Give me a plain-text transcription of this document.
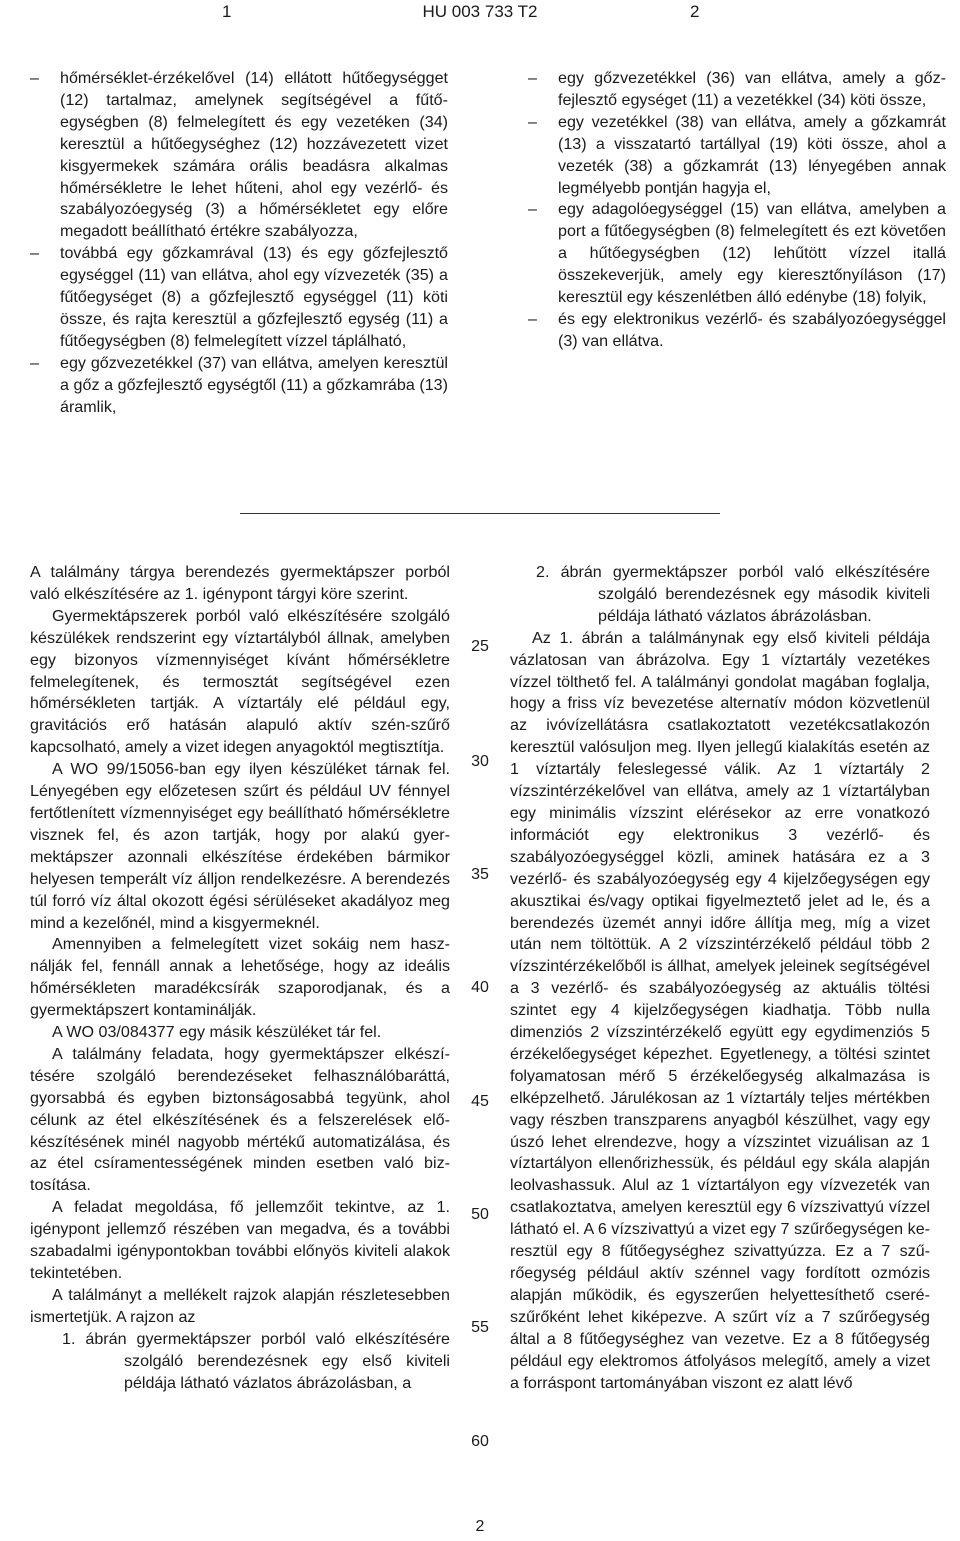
1	HU 003 733 T2	2

– hőmérséklet-érzékelővel (14) ellátott hűtőegységget (12) tartalmaz, amelynek segítségével a fűtőegységben (8) felmelegített és egy vezetéken (34) keresztül a hűtőegységhez (12) hozzávezetett vizet kisgyermekek számára orális beadásra alkalmas hőmérsékletre le lehet hűteni, ahol egy vezérlő- és szabályozóegység (3) a hőmérsékletet egy előre megadott beállítható értékre szabályozza,

– továbbá egy gőzkamrával (13) és egy gőzfejlesztő egységgel (11) van ellátva, ahol egy vízvezeték (35) a fűtőegységet (8) a gőzfejlesztő egységgel (11) köti össze, és rajta keresztül a gőzfejlesztő egység (11) a fűtőegységben (8) felmelegített vízzel táplálható,

– egy gőzvezetékkel (37) van ellátva, amelyen keresztül a gőz a gőzfejlesztő egységtől (11) a gőzkamrába (13) áramlik,

– egy gőzvezetékkel (36) van ellátva, amely a gőzfejlesztő egységet (11) a vezetékkel (34) köti össze,

– egy vezetékkel (38) van ellátva, amely a gőzkamrát (13) a visszatartó tartállyal (19) köti össze, ahol a vezeték (38) a gőzkamrát (13) lényegében annak legmélyebb pontján hagyja el,

– egy adagolóegységgel (15) van ellátva, amelyben a port a fűtőegységben (8) felmelegített és ezt követően a hűtőegységben (12) lehűtött vízzel itallá összekeverjük, amely egy kieresztőnyíláson (17) keresztül egy készenlétben álló edénybe (18) folyik,

– és egy elektronikus vezérlő- és szabályozóegységgel (3) van ellátva.

A találmány tárgya berendezés gyermektápszer porból való elkészítésére az 1. igénypont tárgyi köre szerint.

Gyermektápszerek porból való elkészítésére szolgáló készülékek rendszerint egy víztartályból állnak, amelyben egy bizonyos vízmennyiséget kívánt hőmérsékletre felmelegítenek, és termosztát segítségével ezen hőmérsékleten tartják. A víztartály elé például egy, gravitációs erő hatásán alapuló aktív szén-szűrő kapcsolható, amely a vizet idegen anyagoktól megtisztítja.

A WO 99/15056-ban egy ilyen készüléket tárnak fel. Lényegében egy előzetesen szűrt és például UV fénnyel fertőtlenített vízmennyiséget egy beállítható hőmérsékletre visznek fel, és azon tartják, hogy por alakú gyermektápszer azonnali elkészítése érdekében bármikor helyesen temperált víz álljon rendelkezésre. A berendezés túl forró víz által okozott égési sérüléseket akadályoz meg mind a kezelőnél, mind a kisgyermeknél.

Amennyiben a felmelegített vizet sokáig nem használják fel, fennáll annak a lehetősége, hogy az ideális hőmérsékleten maradékcsírák szaporodjanak, és a gyermektápszert kontaminálják.

A WO 03/084377 egy másik készüléket tár fel.

A találmány feladata, hogy gyermektápszer elkészítésére szolgáló berendezéseket felhasználóbaráttá, gyorsabbá és egyben biztonságosabbá tegyünk, ahol célunk az étel elkészítésének és a felszerelések előkészítésének minél nagyobb mértékű automatizálása, és az étel csíramentességének minden esetben való biztosítása.

A feladat megoldása, fő jellemzőit tekintve, az 1. igénypont jellemző részében van megadva, és a további szabadalmi igénypontokban további előnyös kiviteli alakok tekintetében.

A találmányt a mellékelt rajzok alapján részletesebben ismertetjük. A rajzon az

1. ábrán gyermektápszer porból való elkészítésére szolgáló berendezésnek egy első kiviteli példája látható vázlatos ábrázolásban, a

25
30
35
40
45
50
55
60

2. ábrán gyermektápszer porból való elkészítésére szolgáló berendezésnek egy második kiviteli példája látható vázlatos ábrázolásban.

Az 1. ábrán a találmánynak egy első kiviteli példája vázlatosan van ábrázolva. Egy 1 víztartály vezetékes vízzel tölthető fel. A találmányi gondolat magában foglalja, hogy a friss víz bevezetése alternatív módon közvetlenül az ivóvízellátásra csatlakoztatott vezetékcsatlakozón keresztül valósuljon meg. Ilyen jellegű kialakítás esetén az 1 víztartály feleslegessé válik. Az 1 víztartály 2 vízszintérzékelővel van ellátva, amely az 1 víztartályban egy minimális vízszint elérésekor az erre vonatkozó információt egy elektronikus 3 vezérlő- és szabályozóegységgel közli, aminek hatására ez a 3 vezérlő- és szabályozóegység egy 4 kijelzőegységen egy akusztikai és/vagy optikai figyelmeztető jelet ad le, és a berendezés üzemét annyi időre állítja meg, míg a vizet után nem töltöttük. A 2 vízszintérzékelő például több 2 vízszintérzékelőből is állhat, amelyek jeleinek segítségével a 3 vezérlő- és szabályozóegység az aktuális töltési szintet egy 4 kijelzőegységen kiadhatja. Több nulla dimenziós 2 vízszintérzékelő együtt egy egydimenziós 5 érzékelőegységet képezhet. Egyetlenegy, a töltési szintet folyamatosan mérő 5 érzékelőegység alkalmazása is elképzelhető. Járulékosan az 1 víztartály teljes mértékben vagy részben transzparens anyagból készülhet, vagy egy úszó lehet elrendezve, hogy a vízszintet vizuálisan az 1 víztartályon ellenőrizhessük, és például egy skála alapján leolvashassuk. Alul az 1 víztartályon egy vízvezeték van csatlakoztatva, amelyen keresztül egy 6 vízszivattyú vízzel látható el. A 6 vízszivattyú a vizet egy 7 szűrőegységen keresztül egy 8 fűtőegységhez szivattyúzza. Ez a 7 szűrőegység például aktív szénnel vagy fordított ozmózis alapján működik, és egyszerűen helyettesíthető cserészűrőként lehet kiképezve. A szűrt víz a 7 szűrőegység által a 8 fűtőegységhez van vezetve. Ez a 8 fűtőegység például egy elektromos átfolyásos melegítő, amely a vizet a forráspont tartományában viszont ez alatt lévő

2
